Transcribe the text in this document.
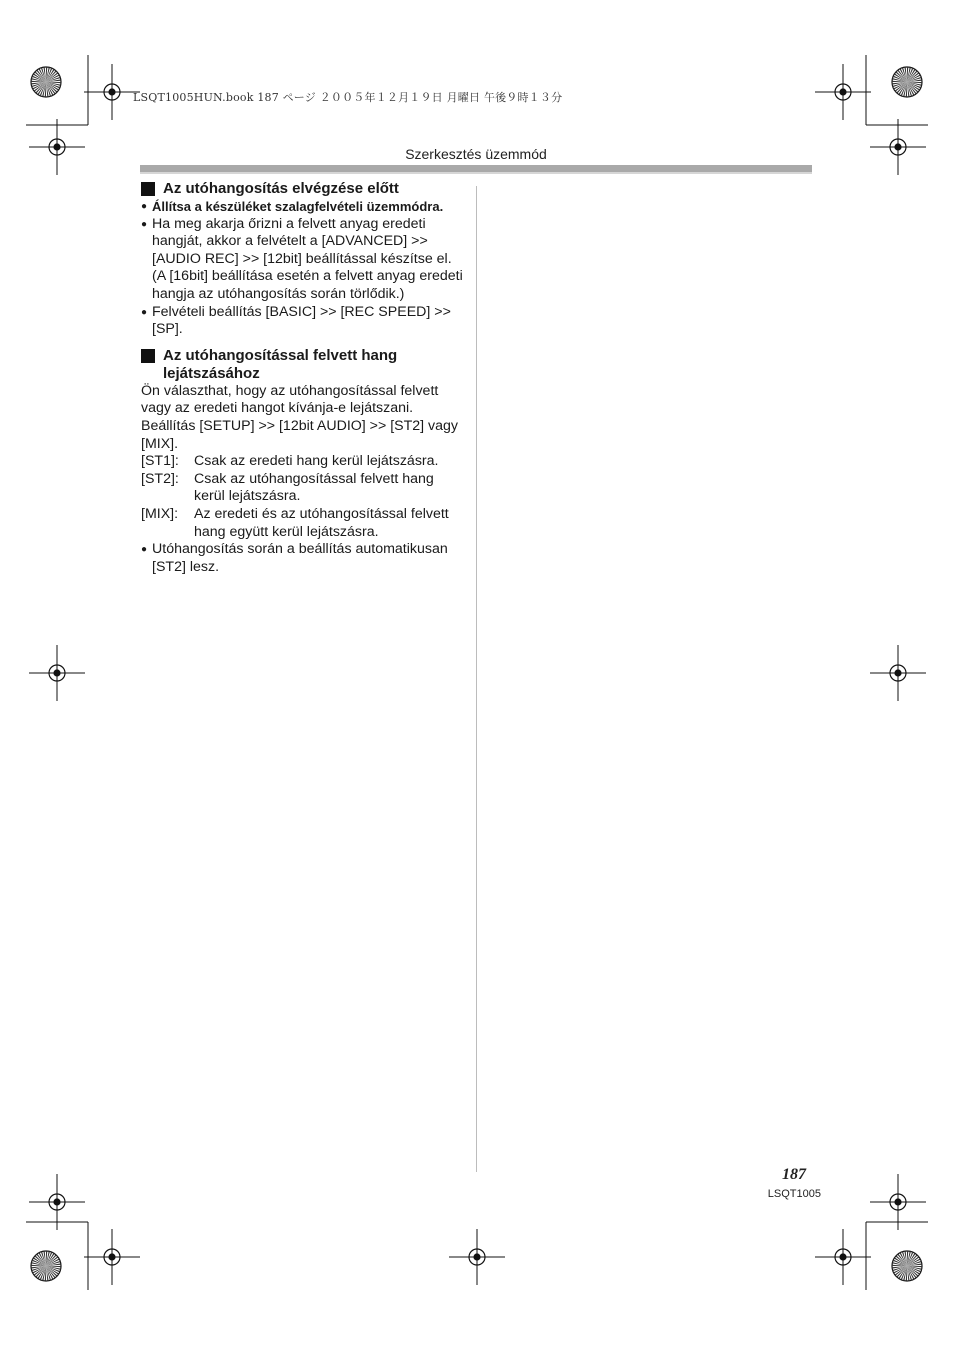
LSQT1005HUN.book 187 ページ ２００５年１２月１９日 月曜日 午後９時１３分
Szerkesztés üzemmód
Az utóhangosítás elvégzése előtt
● Állítsa a készüléket szalagfelvételi üzemmódra.
● Ha meg akarja őrizni a felvett anyag eredeti hangját, akkor a felvételt a [ADVANCED] >> [AUDIO REC] >> [12bit] beállítással készítse el. (A [16bit] beállítása esetén a felvett anyag eredeti hangja az utóhangosítás során törlődik.)
● Felvételi beállítás [BASIC] >> [REC SPEED] >> [SP].
Az utóhangosítással felvett hang lejátszásához
Ön választhat, hogy az utóhangosítással felvett vagy az eredeti hangot kívánja-e lejátszani.
Beállítás [SETUP] >> [12bit AUDIO] >> [ST2] vagy [MIX].
[ST1]:	Csak az eredeti hang kerül lejátszásra.
[ST2]:	Csak az utóhangosítással felvett hang kerül lejátszásra.
[MIX]:	Az eredeti és az utóhangosítással felvett hang együtt kerül lejátszásra.
● Utóhangosítás során a beállítás automatikusan [ST2] lesz.
187
LSQT1005
